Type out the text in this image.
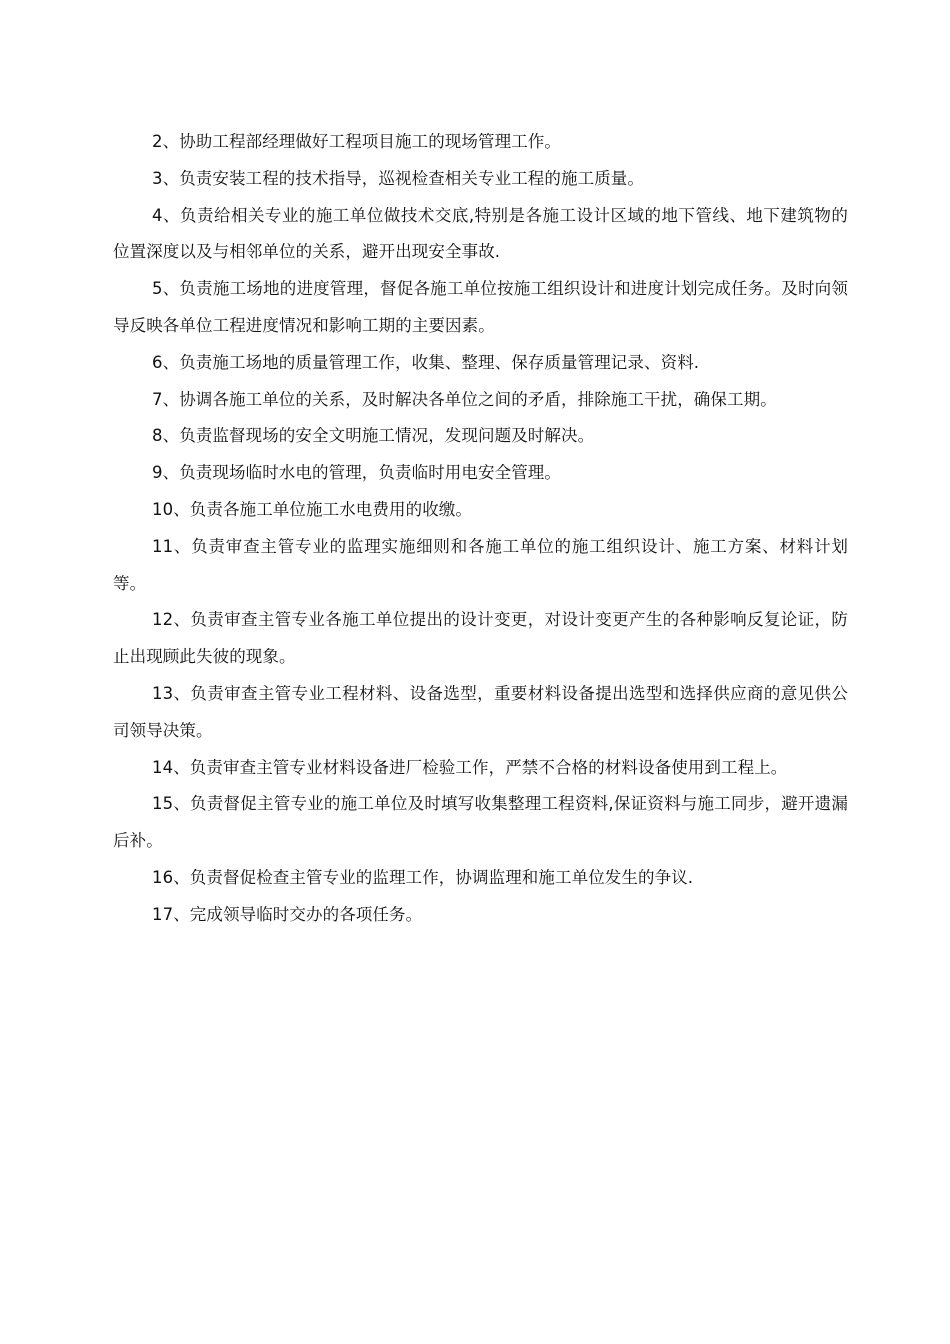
2、协助工程部经理做好工程项目施工的现场管理工作。

3、负责安装工程的技术指导，巡视检查相关专业工程的施工质量。

4、负责给相关专业的施工单位做技术交底,特别是各施工设计区域的地下管线、地下建筑物的位置深度以及与相邻单位的关系，避开出现安全事故.

5、负责施工场地的进度管理，督促各施工单位按施工组织设计和进度计划完成任务。及时向领导反映各单位工程进度情况和影响工期的主要因素。

6、负责施工场地的质量管理工作，收集、整理、保存质量管理记录、资料.

7、协调各施工单位的关系，及时解决各单位之间的矛盾，排除施工干扰，确保工期。

8、负责监督现场的安全文明施工情况，发现问题及时解决。

9、负责现场临时水电的管理，负责临时用电安全管理。

10、负责各施工单位施工水电费用的收缴。

11、负责审查主管专业的监理实施细则和各施工单位的施工组织设计、施工方案、材料计划等。

12、负责审查主管专业各施工单位提出的设计变更，对设计变更产生的各种影响反复论证，防止出现顾此失彼的现象。

13、负责审查主管专业工程材料、设备选型，重要材料设备提出选型和选择供应商的意见供公司领导决策。

14、负责审查主管专业材料设备进厂检验工作，严禁不合格的材料设备使用到工程上。

15、负责督促主管专业的施工单位及时填写收集整理工程资料,保证资料与施工同步，避开遗漏后补。

16、负责督促检查主管专业的监理工作，协调监理和施工单位发生的争议.

17、完成领导临时交办的各项任务。
